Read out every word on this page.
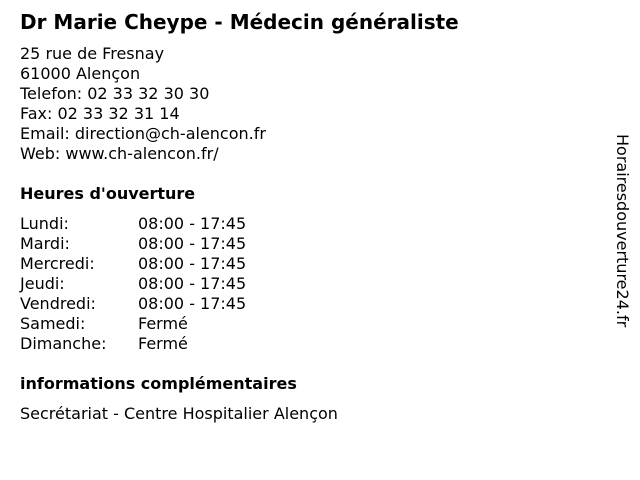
Dr Marie Cheype - Médecin généraliste
25 rue de Fresnay
61000 Alençon
Telefon: 02 33 32 30 30
Fax: 02 33 32 31 14
Email: direction@ch-alencon.fr
Web: www.ch-alencon.fr/
Heures d'ouverture
Lundi:	08:00 - 17:45
Mardi:	08:00 - 17:45
Mercredi:	08:00 - 17:45
Jeudi:	08:00 - 17:45
Vendredi:	08:00 - 17:45
Samedi:	Fermé
Dimanche:	Fermé
informations complémentaires
Secrétariat - Centre Hospitalier Alençon
Horairesdouverture24.fr
